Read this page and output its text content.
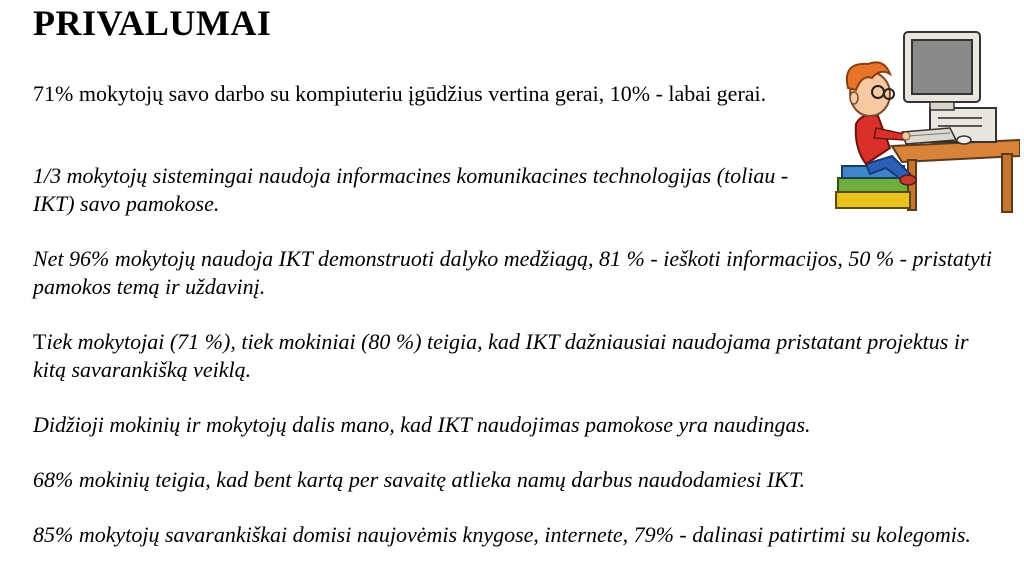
PRIVALUMAI
71% mokytojų savo darbo su kompiuteriu įgūdžius vertina gerai, 10% - labai gerai.
1/3 mokytojų sistemingai naudoja informacines komunikacines technologijas (toliau - IKT) savo pamokose.
Net 96% mokytojų naudoja IKT demonstruoti dalyko medžiagą, 81 % - ieškoti informacijos, 50 % - pristatyti pamokos temą ir uždavinį.
Tiek mokytojai (71 %), tiek mokiniai (80 %) teigia, kad IKT dažniausiai naudojama pristatant projektus ir kitą savarankišką veiklą.
Didžioji mokinių ir mokytojų dalis mano, kad IKT naudojimas pamokose yra naudingas.
68% mokinių teigia, kad bent kartą per savaitę atlieka namų darbus naudodamiesi IKT.
85% mokytojų savarankiškai domisi naujovėmis knygose, internete, 79% - dalinasi patirtimi su kolegomis.
